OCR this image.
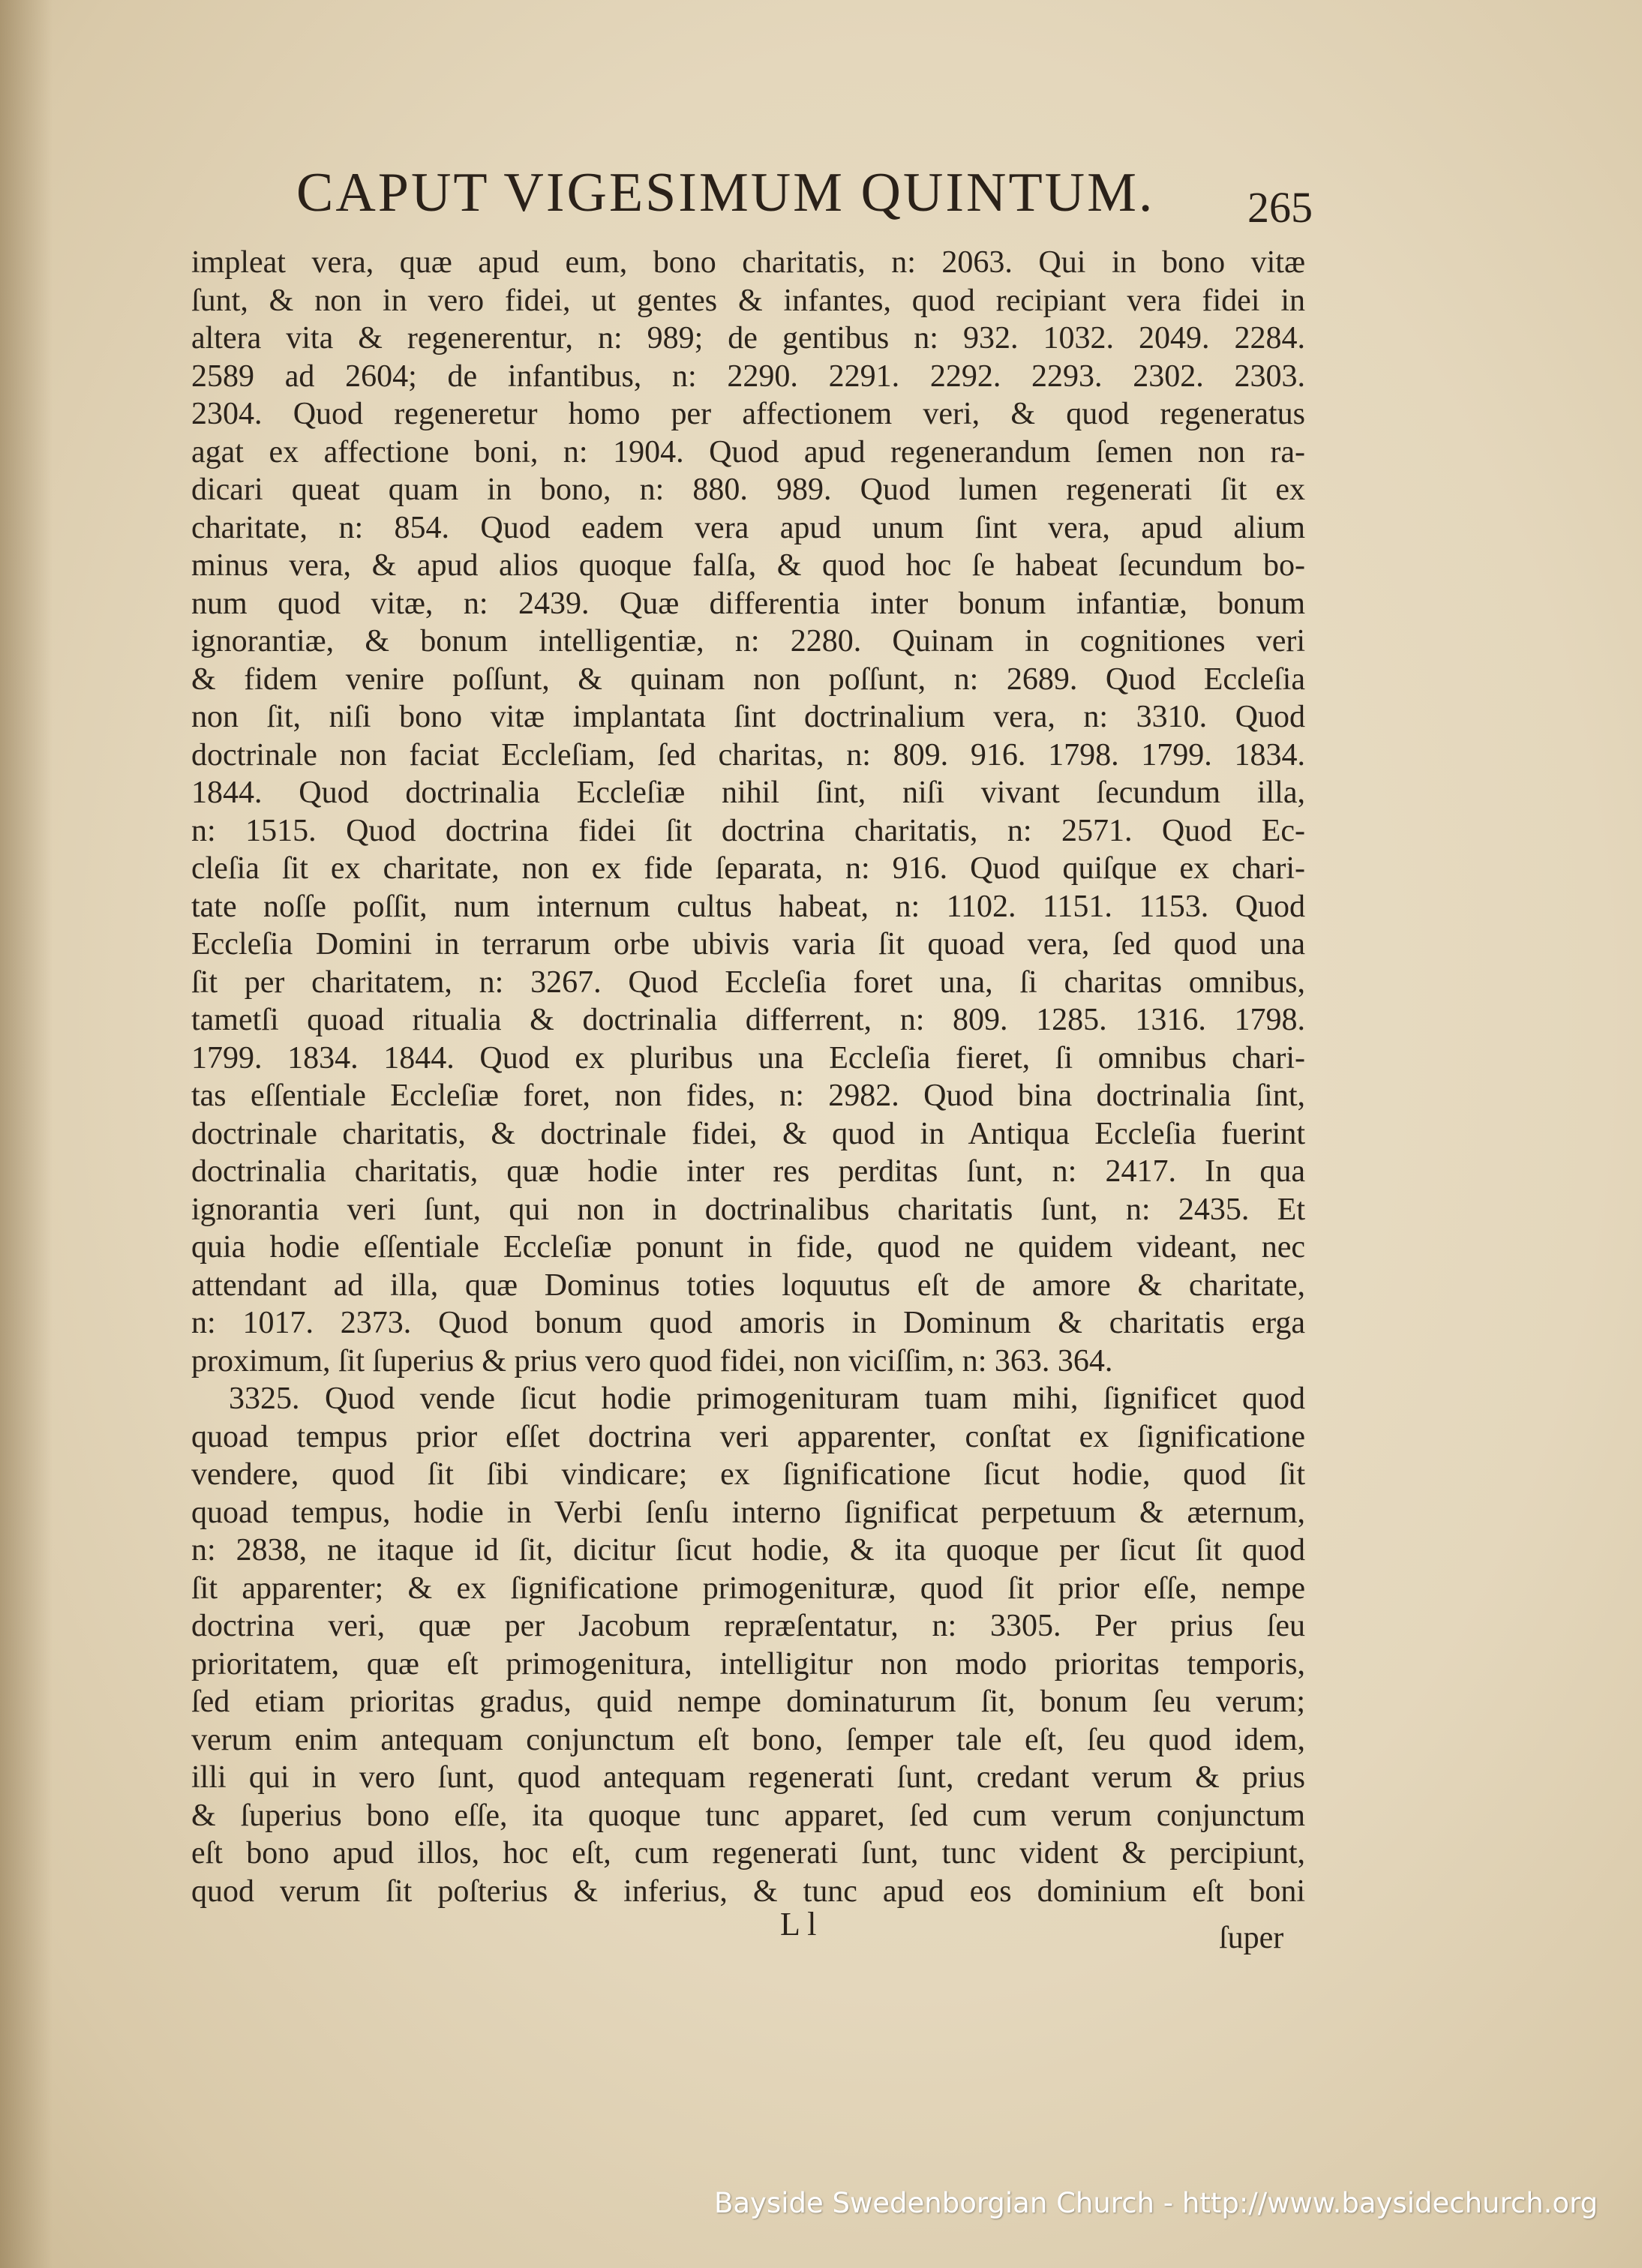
CAPUT VIGESIMUM QUINTUM. 265
impleat vera, quæ apud eum, bono charitatis, n: 2063. Qui in bono vitæ
ſunt, & non in vero fidei, ut gentes & infantes, quod recipiant vera fidei in
altera vita & regenerentur, n: 989; de gentibus n: 932. 1032. 2049. 2284.
2589 ad 2604; de infantibus, n: 2290. 2291. 2292. 2293. 2302. 2303.
2304. Quod regeneretur homo per affectionem veri, & quod regeneratus
agat ex affectione boni, n: 1904. Quod apud regenerandum ſemen non ra-
dicari queat quam in bono, n: 880. 989. Quod lumen regenerati ſit ex
charitate, n: 854. Quod eadem vera apud unum ſint vera, apud alium
minus vera, & apud alios quoque falſa, & quod hoc ſe habeat ſecundum bo-
num quod vitæ, n: 2439. Quæ differentia inter bonum infantiæ, bonum
ignorantiæ, & bonum intelligentiæ, n: 2280. Quinam in cognitiones veri
& fidem venire poſſunt, & quinam non poſſunt, n: 2689. Quod Eccleſia
non ſit, niſi bono vitæ implantata ſint doctrinalium vera, n: 3310. Quod
doctrinale non faciat Eccleſiam, ſed charitas, n: 809. 916. 1798. 1799. 1834.
1844. Quod doctrinalia Eccleſiæ nihil ſint, niſi vivant ſecundum illa,
n: 1515. Quod doctrina fidei ſit doctrina charitatis, n: 2571. Quod Ec-
cleſia ſit ex charitate, non ex fide ſeparata, n: 916. Quod quiſque ex chari-
tate noſſe poſſit, num internum cultus habeat, n: 1102. 1151. 1153. Quod
Eccleſia Domini in terrarum orbe ubivis varia ſit quoad vera, ſed quod una
ſit per charitatem, n: 3267. Quod Eccleſia foret una, ſi charitas omnibus,
tametſi quoad ritualia & doctrinalia differrent, n: 809. 1285. 1316. 1798.
1799. 1834. 1844. Quod ex pluribus una Eccleſia fieret, ſi omnibus chari-
tas eſſentiale Eccleſiæ foret, non fides, n: 2982. Quod bina doctrinalia ſint,
doctrinale charitatis, & doctrinale fidei, & quod in Antiqua Eccleſia fuerint
doctrinalia charitatis, quæ hodie inter res perditas ſunt, n: 2417. In qua
ignorantia veri ſunt, qui non in doctrinalibus charitatis ſunt, n: 2435. Et
quia hodie eſſentiale Eccleſiæ ponunt in fide, quod ne quidem videant, nec
attendant ad illa, quæ Dominus toties loquutus eſt de amore & charitate,
n: 1017. 2373. Quod bonum quod amoris in Dominum & charitatis erga
proximum, ſit ſuperius & prius vero quod fidei, non viciſſim, n: 363. 364.
3325. Quod vende ſicut hodie primogenituram tuam mihi, ſignificet quod
quoad tempus prior eſſet doctrina veri apparenter, conſtat ex ſignificatione
vendere, quod ſit ſibi vindicare; ex ſignificatione ſicut hodie, quod ſit
quoad tempus, hodie in Verbi ſenſu interno ſignificat perpetuum & æternum,
n: 2838, ne itaque id ſit, dicitur ſicut hodie, & ita quoque per ſicut ſit quod
ſit apparenter; & ex ſignificatione primogenituræ, quod ſit prior eſſe, nempe
doctrina veri, quæ per Jacobum repræſentatur, n: 3305. Per prius ſeu
prioritatem, quæ eſt primogenitura, intelligitur non modo prioritas temporis,
ſed etiam prioritas gradus, quid nempe dominaturum ſit, bonum ſeu verum;
verum enim antequam conjunctum eſt bono, ſemper tale eſt, ſeu quod idem,
illi qui in vero ſunt, quod antequam regenerati ſunt, credant verum & prius
& ſuperius bono eſſe, ita quoque tunc apparet, ſed cum verum conjunctum
eſt bono apud illos, hoc eſt, cum regenerati ſunt, tunc vident & percipiunt,
quod verum ſit poſterius & inferius, & tunc apud eos dominium eſt boni
L l	ſuper
Bayside Swedenborgian Church - http://www.baysidechurch.org
